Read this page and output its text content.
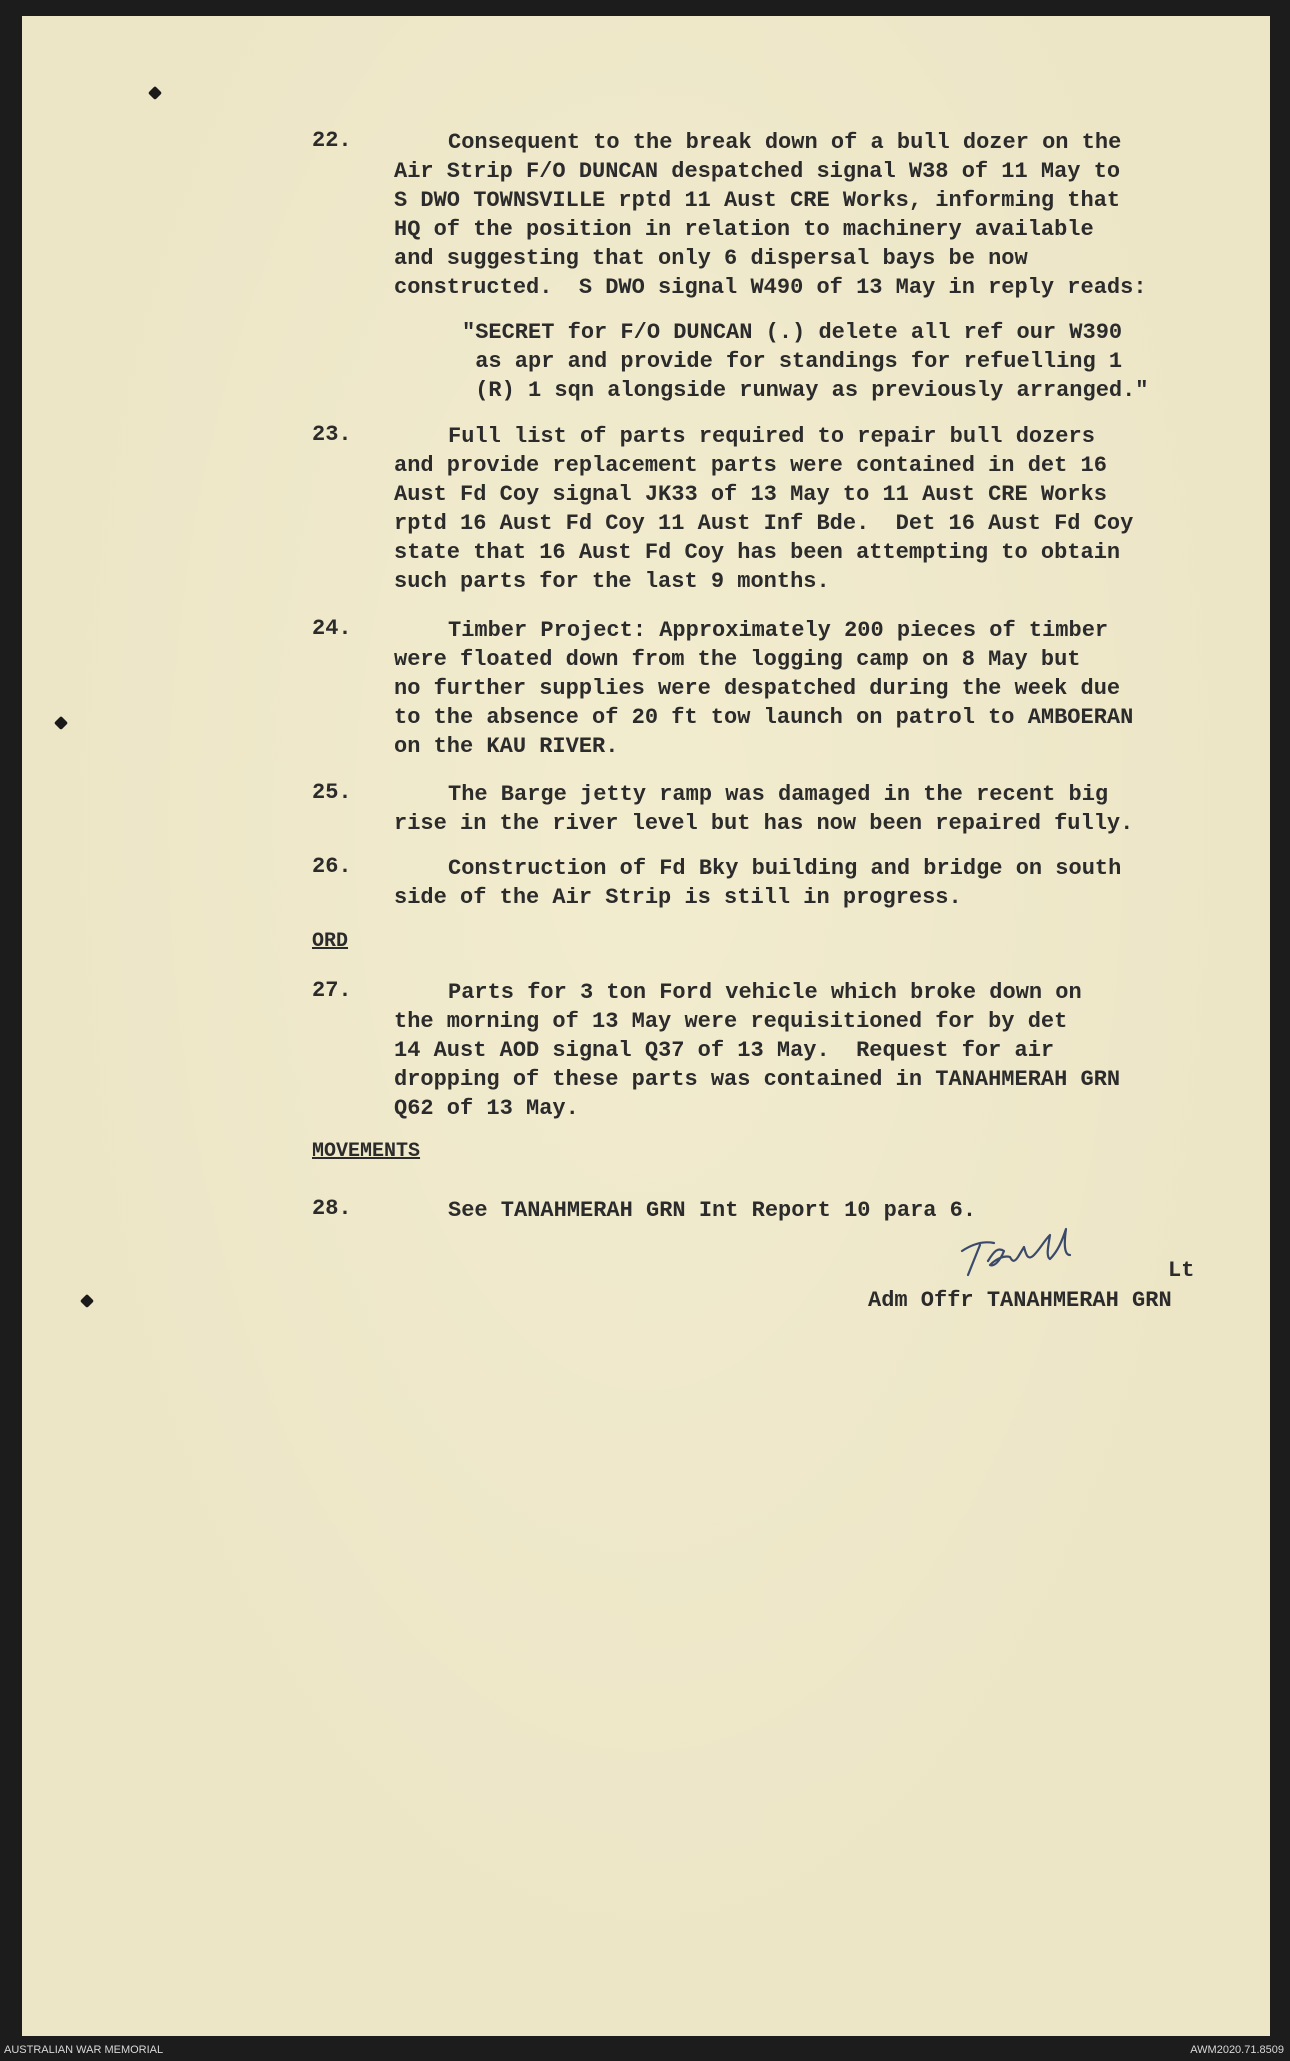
22.	Consequent to the break down of a bull dozer on the
Air Strip F/O DUNCAN despatched signal W38 of 11 May to
S DWO TOWNSVILLE rptd 11 Aust CRE Works, informing that
HQ of the position in relation to machinery available
and suggesting that only 6 dispersal bays be now
constructed.  S DWO signal W490 of 13 May in reply reads:
"SECRET for F/O DUNCAN (.) delete all ref our W390
as apr and provide for standings for refuelling 1
(R) 1 sqn alongside runway as previously arranged."
23.	Full list of parts required to repair bull dozers
and provide replacement parts were contained in det 16
Aust Fd Coy signal JK33 of 13 May to 11 Aust CRE Works
rptd 16 Aust Fd Coy 11 Aust Inf Bde.  Det 16 Aust Fd Coy
state that 16 Aust Fd Coy has been attempting to obtain
such parts for the last 9 months.
24.	Timber Project: Approximately 200 pieces of timber
were floated down from the logging camp on 8 May but
no further supplies were despatched during the week due
to the absence of 20 ft tow launch on patrol to AMBOERAN
on the KAU RIVER.
25.	The Barge jetty ramp was damaged in the recent big
rise in the river level but has now been repaired fully.
26.	Construction of Fd Bky building and bridge on south
side of the Air Strip is still in progress.
ORD
27.	Parts for 3 ton Ford vehicle which broke down on
the morning of 13 May were requisitioned for by det
14 Aust AOD signal Q37 of 13 May.  Request for air
dropping of these parts was contained in TANAHMERAH GRN
Q62 of 13 May.
MOVEMENTS
28.	See TANAHMERAH GRN Int Report 10 para 6.
Lt
Adm Offr TANAHMERAH GRN
AUSTRALIAN WAR MEMORIAL	AWM2020.71.8509
